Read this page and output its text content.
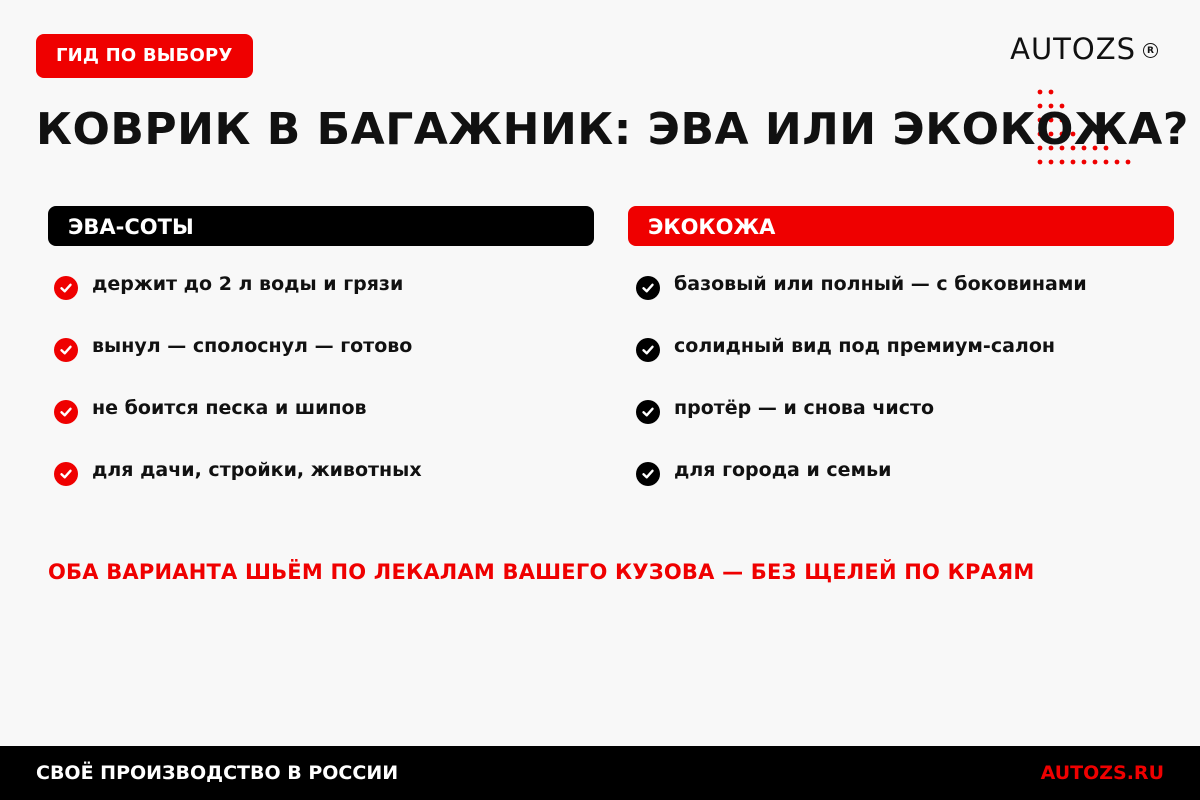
ГИД ПО ВЫБОРУ	AUTOZS	R
КОВРИК В БАГАЖНИК: ЭВА ИЛИ ЭКОКОЖА?
ЭВА-СОТЫ	ЭКОКОЖА
держит до 2 л воды и грязи
вынул — сполоснул — готово
не боится песка и шипов
для дачи, стройки, животных
базовый или полный — с боковинами
солидный вид под премиум-салон
протёр — и снова чисто
для города и семьи
ОБА ВАРИАНТА ШЬЁМ ПО ЛЕКАЛАМ ВАШЕГО КУЗОВА — БЕЗ ЩЕЛЕЙ ПО КРАЯМ
СВОЁ ПРОИЗВОДСТВО В РОССИИ	AUTOZS.RU
